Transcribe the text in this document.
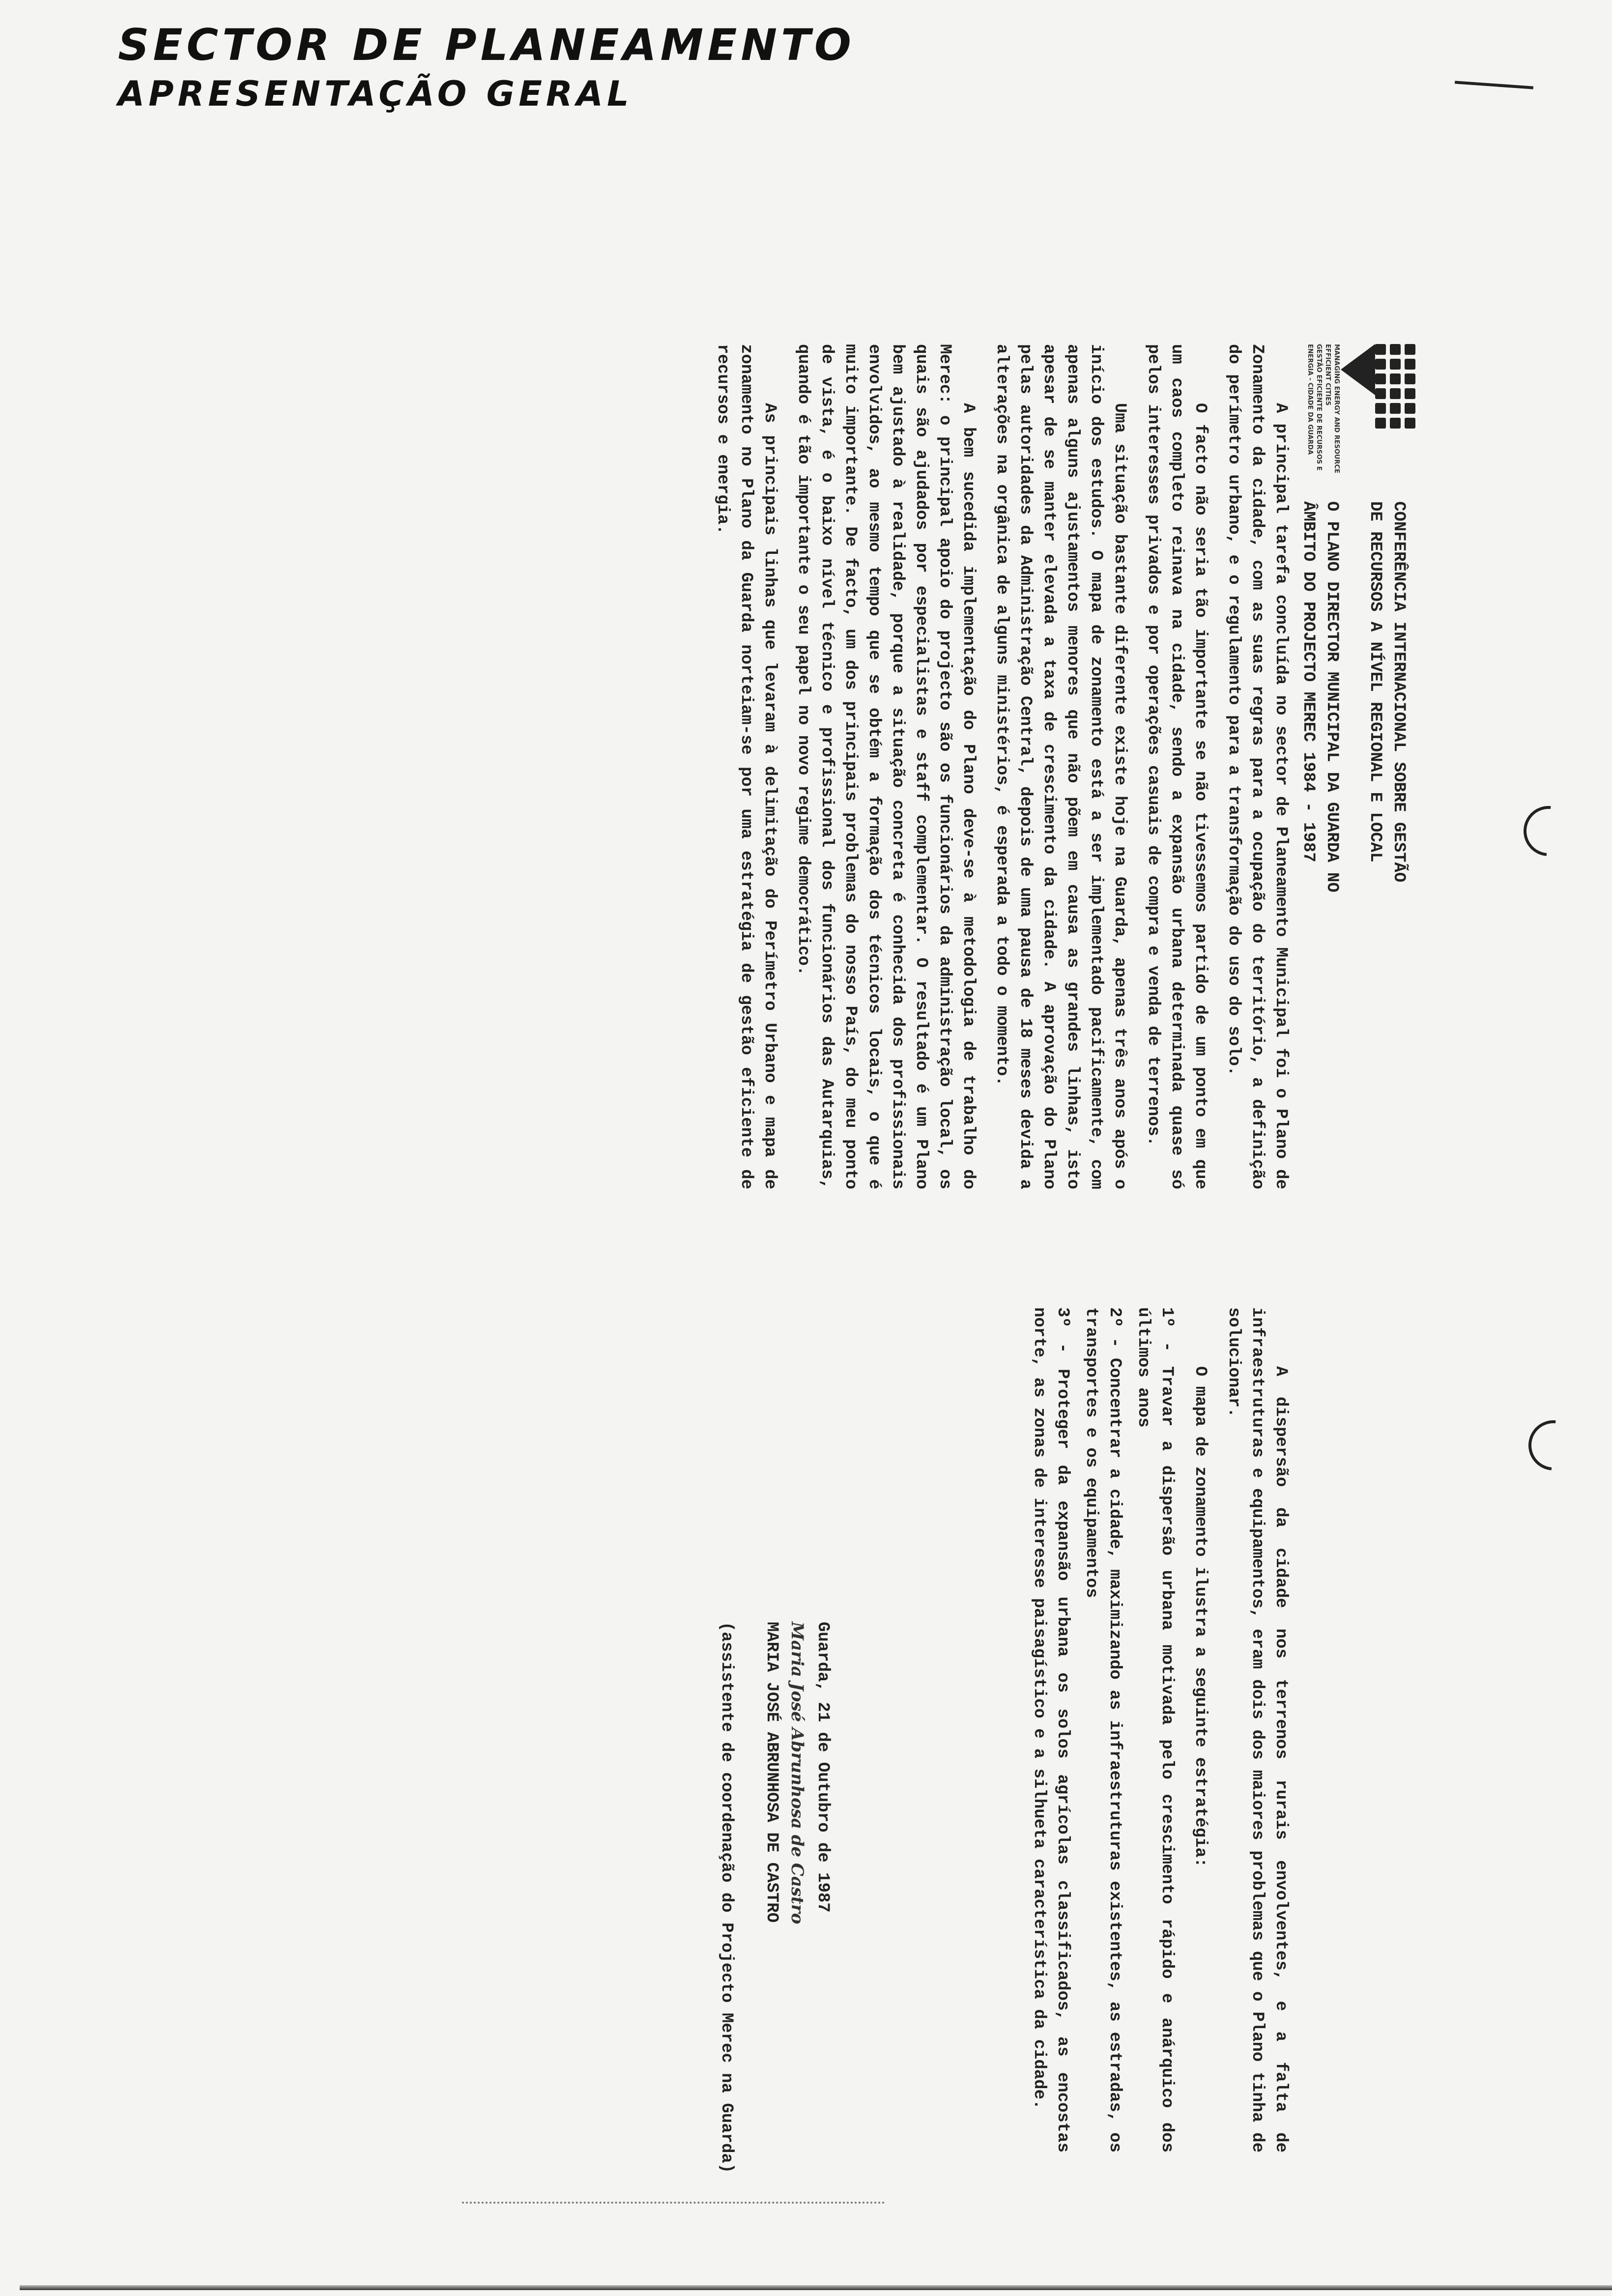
SECTOR DE PLANEAMENTO
APRESENTAÇÃO GERAL
MANAGING ENERGY AND RESOURCE EFFICIENT CITIES
GESTÃO EFICIENTE DE RECURSOS E ENERGIA - CIDADE DA GUARDA
CONFERÊNCIA INTERNACIONAL SOBRE GESTÃO
DE RECURSOS A NÍVEL REGIONAL E LOCAL
O PLANO DIRECTOR MUNICIPAL DA GUARDA NO
ÂMBITO DO PROJECTO MEREC 1984 - 1987

A principal tarefa concluída no sector de Planeamento Municipal foi o Plano de Zonamento da cidade, com as suas regras para a ocupação do território, a definição do perímetro urbano, e o regulamento para a transformação do uso do solo.

O facto não seria tão importante se não tivessemos partido de um ponto em que um caos completo reinava na cidade, sendo a expansão urbana determinada quase só pelos interesses privados e por operações casuais de compra e venda de terrenos.

Uma situação bastante diferente existe hoje na Guarda, apenas três anos após o início dos estudos. O mapa de zonamento está a ser implementado pacificamente, com apenas alguns ajustamentos menores que não põem em causa as grandes linhas, isto apesar de se manter elevada a taxa de crescimento da cidade. A aprovação do Plano pelas autoridades da Administração Central, depois de uma pausa de 18 meses devida a alterações na orgânica de alguns ministérios, é esperada a todo o momento.

A bem sucedida implementação do Plano deve-se à metodologia de trabalho do Merec: o principal apoio do projecto são os funcionários da administração local, os quais são ajudados por especialistas e staff complementar. O resultado é um Plano bem ajustado à realidade, porque a situação concreta é conhecida dos profissionais envolvidos, ao mesmo tempo que se obtém a formação dos técnicos locais, o que é muito importante. De facto, um dos principais problemas do nosso País, do meu ponto de vista, é o baixo nível técnico e profissional dos funcionários das Autarquias, quando é tão importante o seu papel no novo regime democrático.

As principais linhas que levaram à delimitação do Perímetro Urbano e mapa de zonamento no Plano da Guarda norteiam-se por uma estratégia de gestão eficiente de recursos e energia.

A dispersão da cidade nos terrenos rurais envolventes, e a falta de infraestruturas e equipamentos, eram dois dos maiores problemas que o Plano tinha de solucionar.

O mapa de zonamento ilustra a seguinte estratégia:

1º - Travar a dispersão urbana motivada pelo crescimento rápido e anárquico dos últimos anos
2º - Concentrar a cidade, maximizando as infraestruturas existentes, as estradas, os transportes e os equipamentos
3º - Proteger da expansão urbana os solos agrícolas classificados, as encostas norte, as zonas de interesse paisagístico e a silhueta característica da cidade.
Guarda, 21 de Outubro de 1987
Maria José Abrunhosa de Castro
MARIA JOSÉ ABRUNHOSA DE CASTRO
(assistente de coordenação do Projecto Merec na Guarda)
